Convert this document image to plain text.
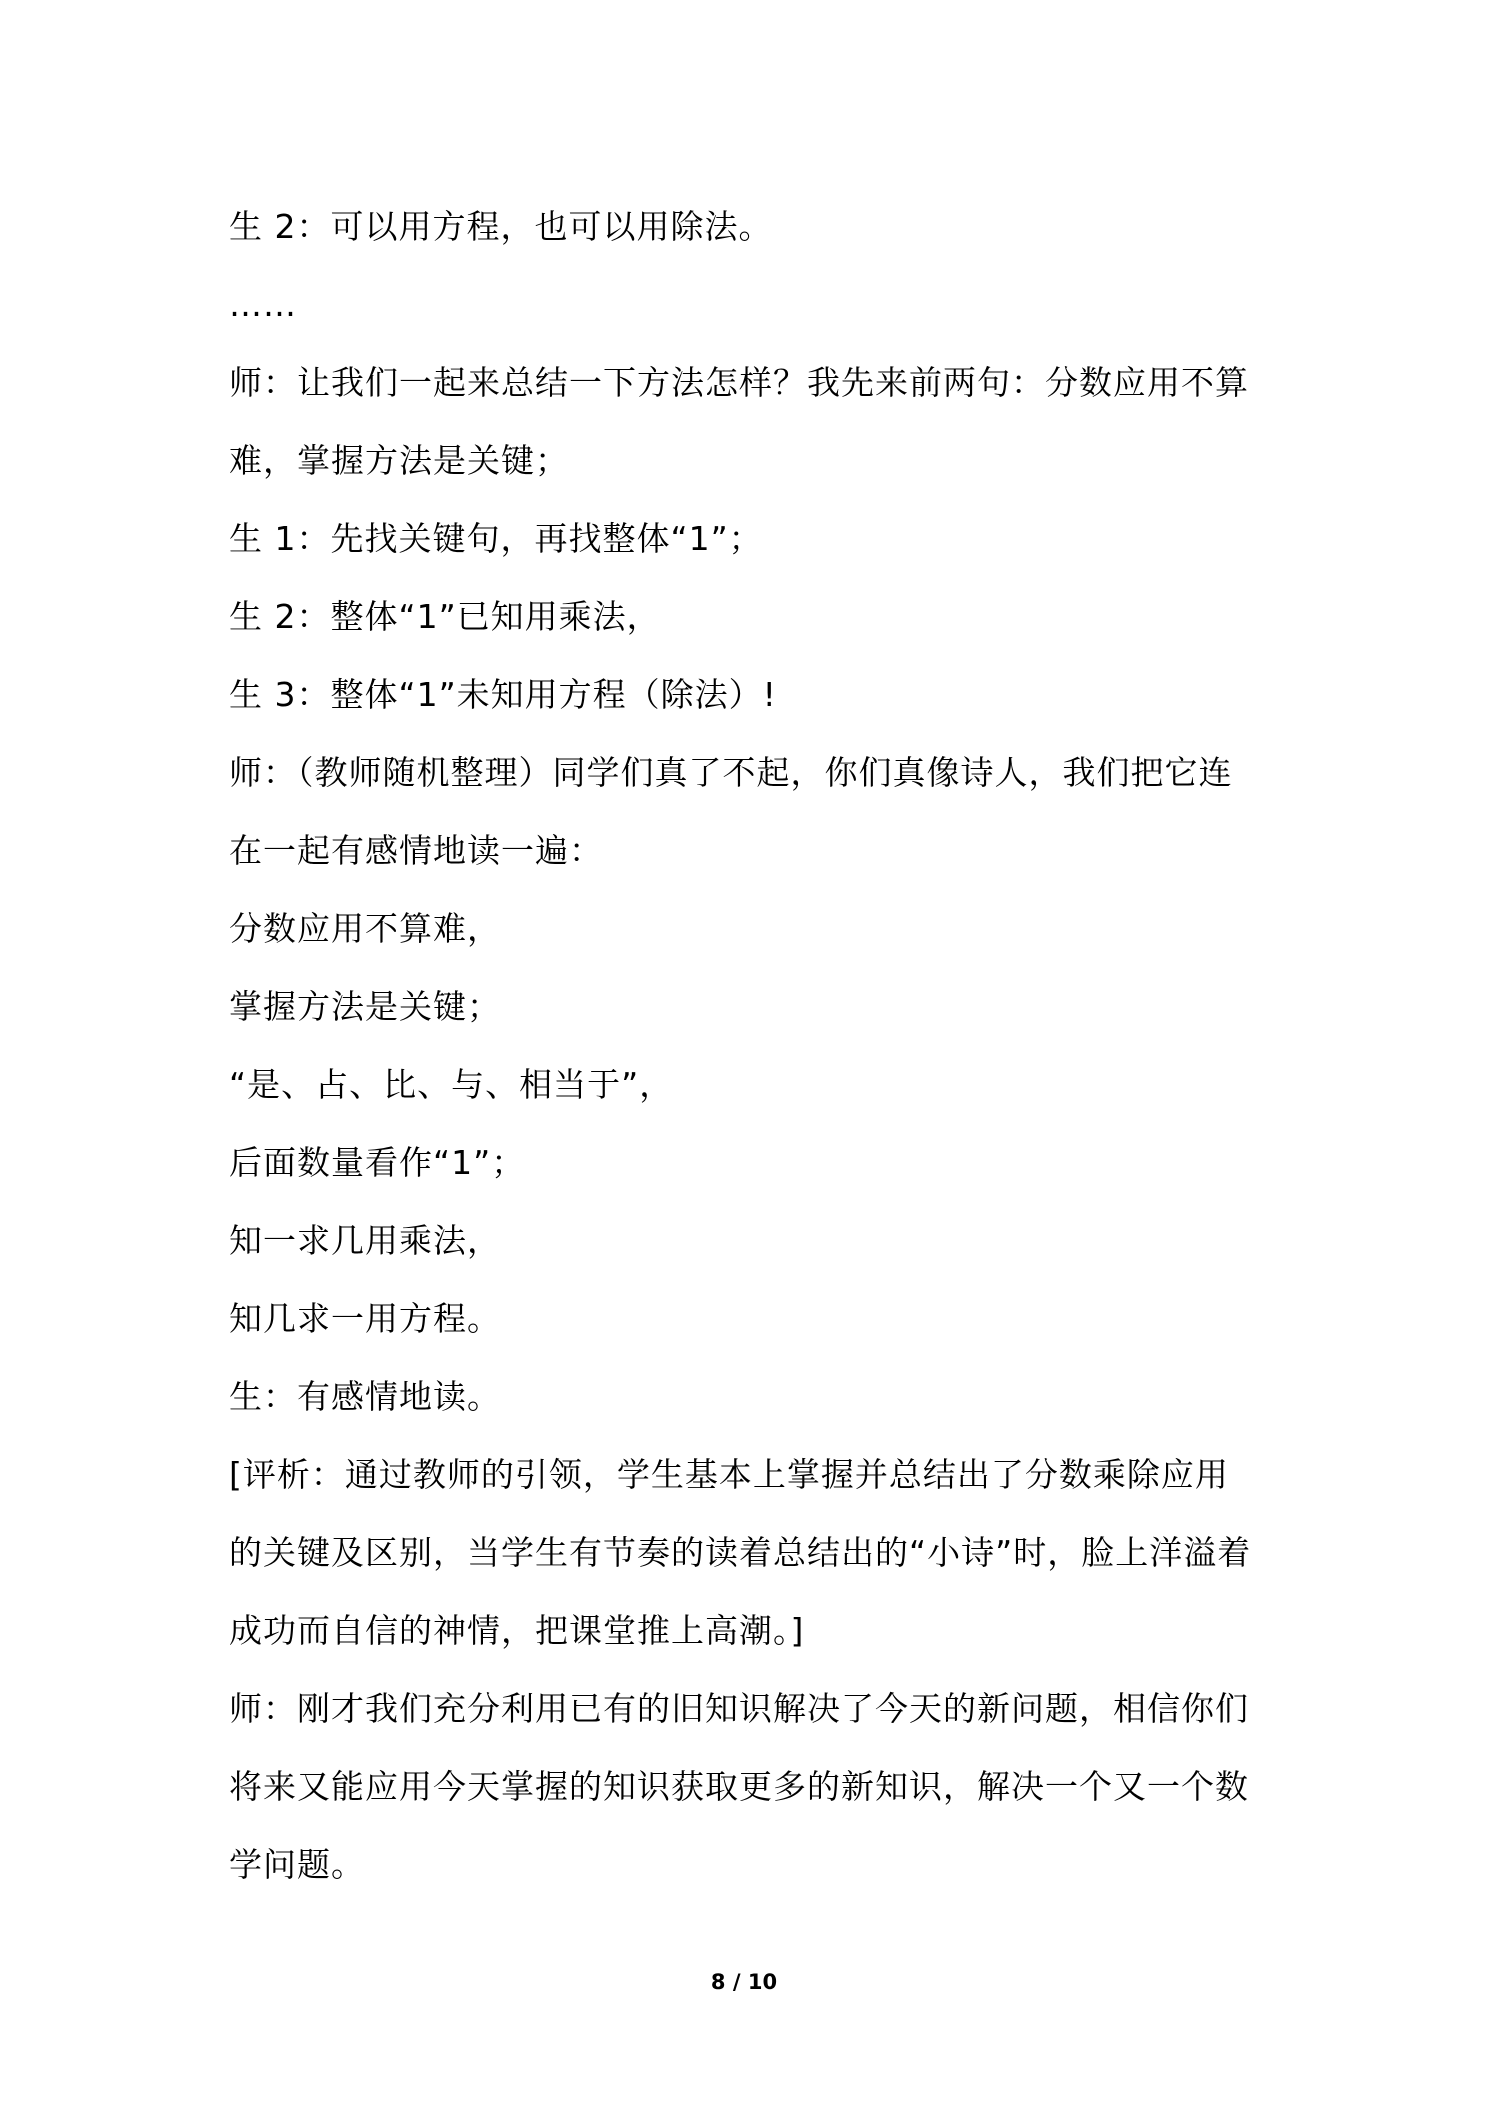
生 2：可以用方程，也可以用除法。
……
师：让我们一起来总结一下方法怎样？我先来前两句：分数应用不算
难，掌握方法是关键；
生 1：先找关键句，再找整体“1”；
生 2：整体“1”已知用乘法，
生 3：整体“1”未知用方程（除法）!
师：（教师随机整理）同学们真了不起，你们真像诗人，我们把它连
在一起有感情地读一遍：
分数应用不算难，
掌握方法是关键；
“是、占、比、与、相当于”，
后面数量看作“1”；
知一求几用乘法，
知几求一用方程。
生：有感情地读。
[评析：通过教师的引领，学生基本上掌握并总结出了分数乘除应用
的关键及区别，当学生有节奏的读着总结出的“小诗”时，脸上洋溢着
成功而自信的神情，把课堂推上高潮。]
师：刚才我们充分利用已有的旧知识解决了今天的新问题，相信你们
将来又能应用今天掌握的知识获取更多的新知识，解决一个又一个数
学问题。
8 / 10
